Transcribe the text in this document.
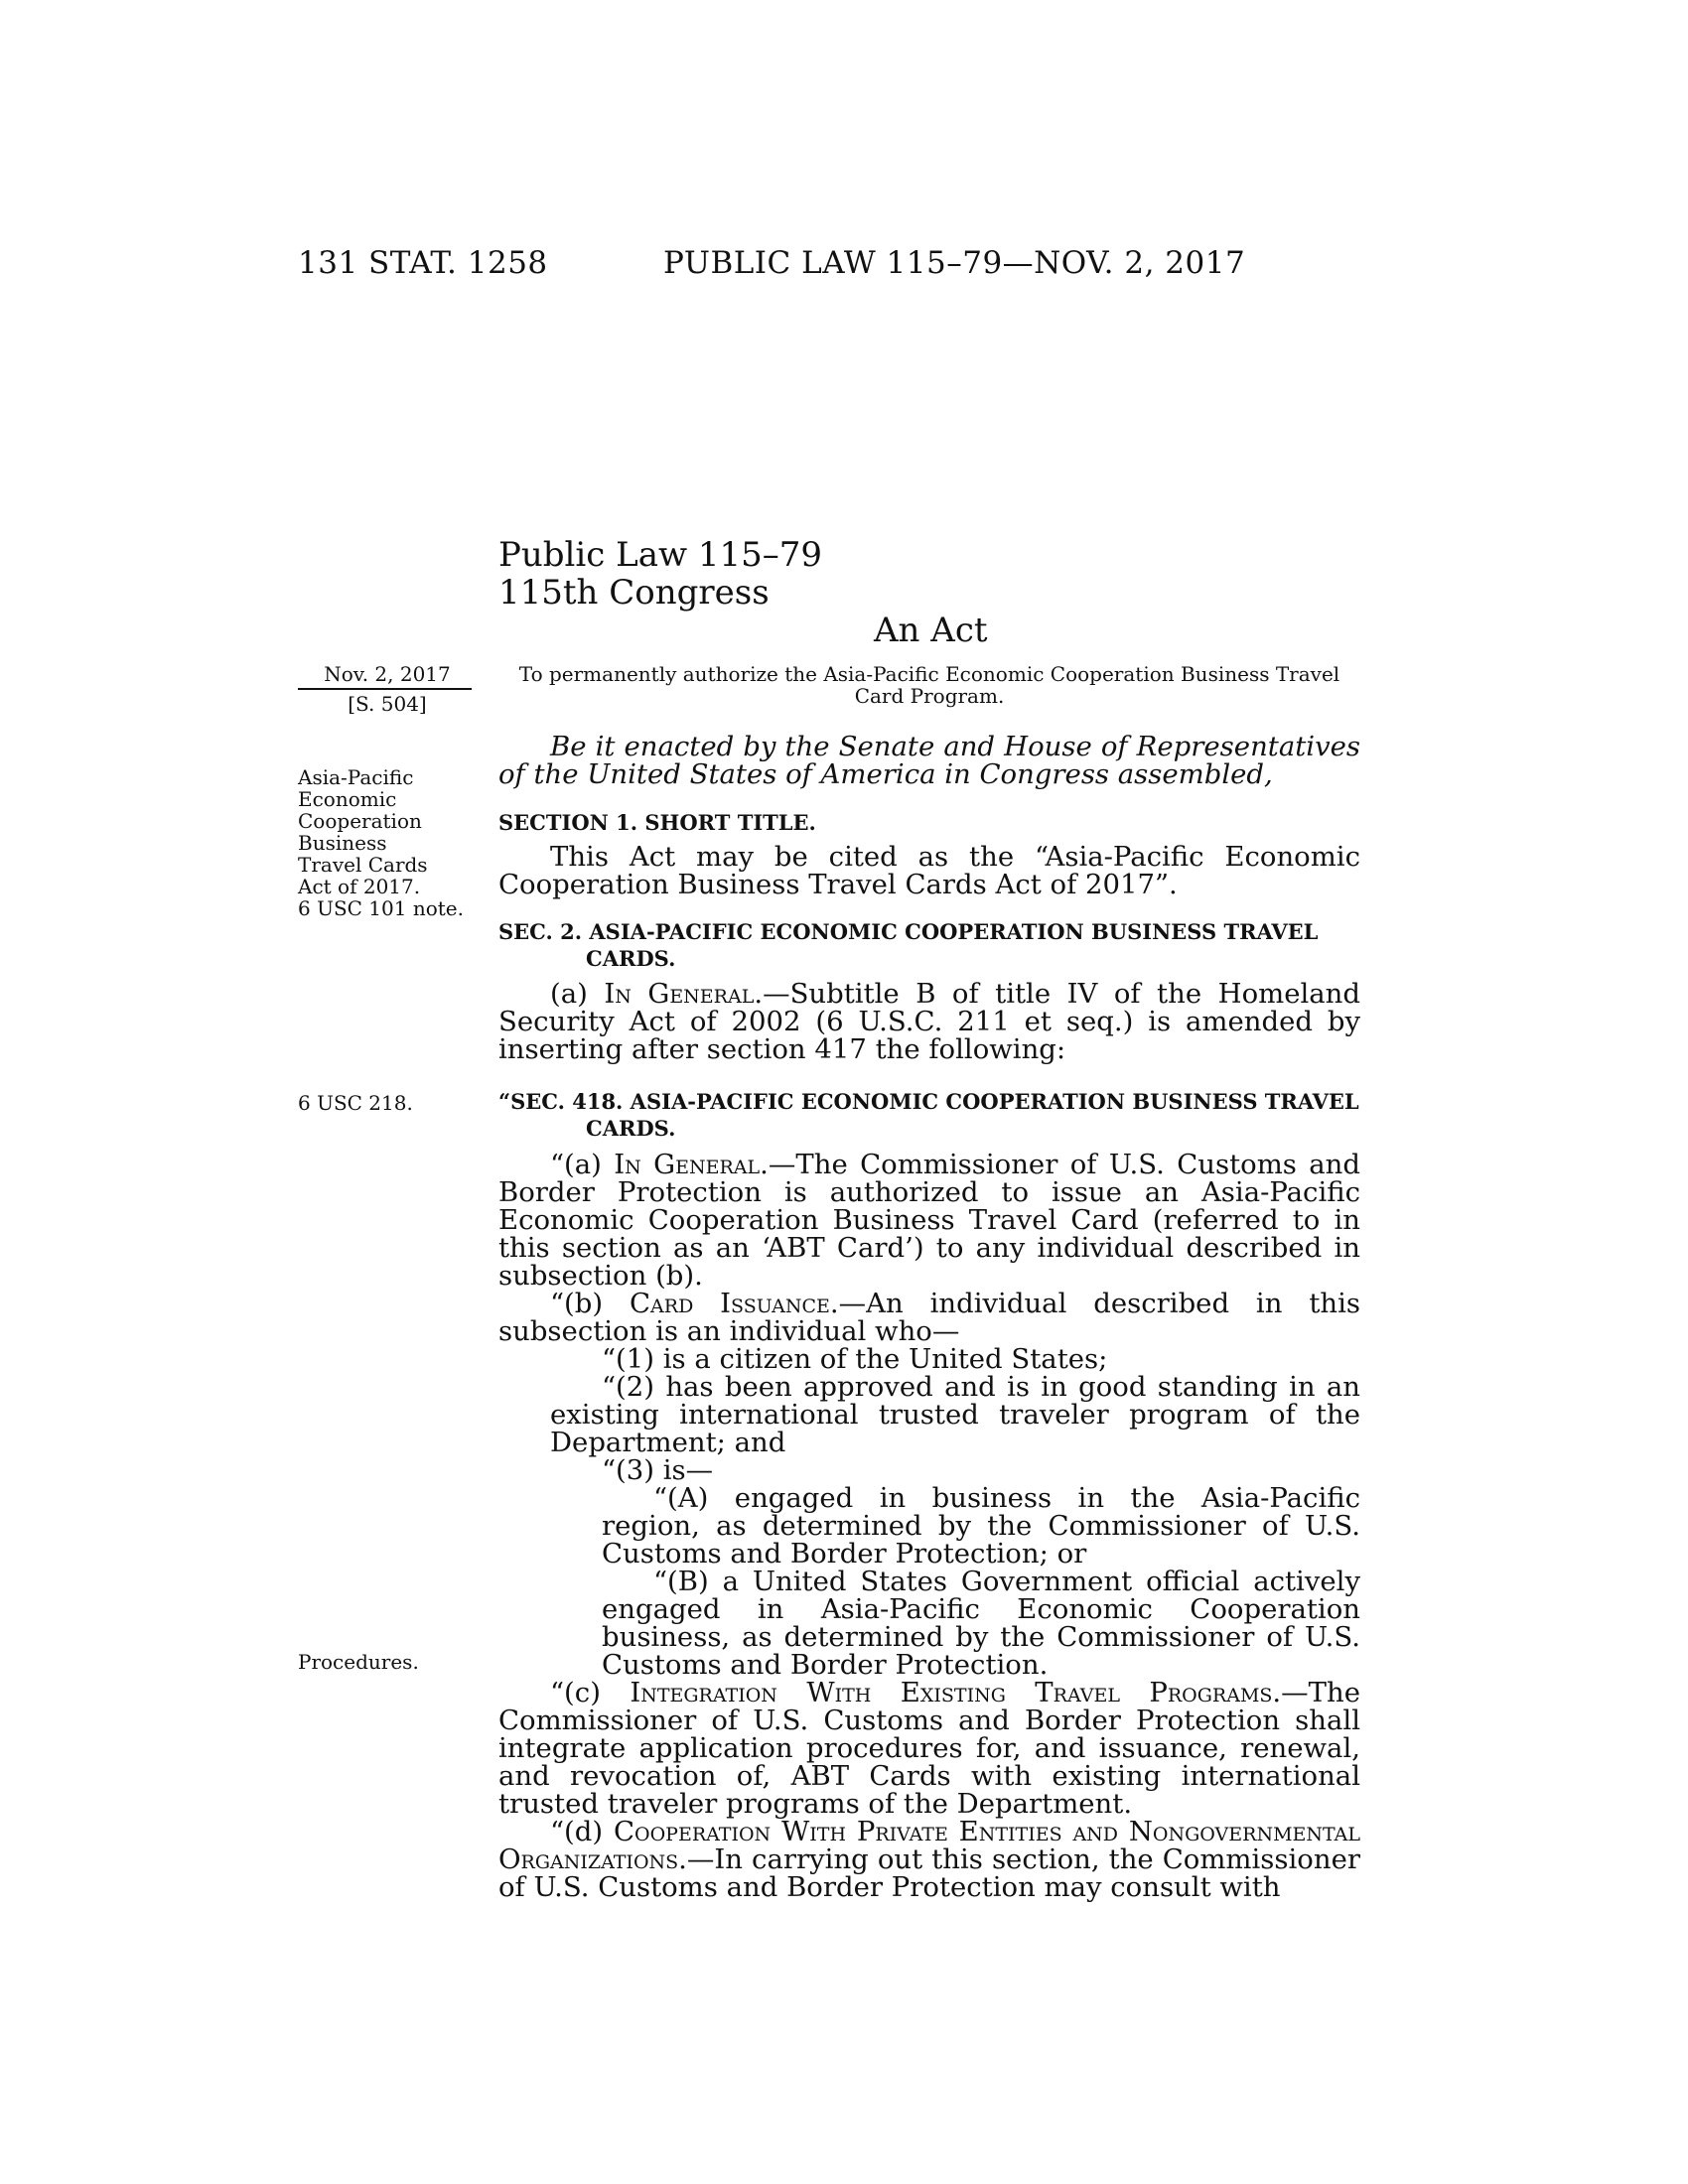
131 STAT. 1258	PUBLIC LAW 115–79—NOV. 2, 2017
Public Law 115–79
115th Congress
An Act
Nov. 2, 2017
[S. 504]
To permanently authorize the Asia-Pacific Economic Cooperation Business Travel Card Program.
Asia-Pacific
Economic
Cooperation
Business
Travel Cards
Act of 2017.
6 USC 101 note.

Be it enacted by the Senate and House of Representatives of the United States of America in Congress assembled,

SECTION 1. SHORT TITLE.

This Act may be cited as the “Asia-Pacific Economic Cooperation Business Travel Cards Act of 2017”.

SEC. 2. ASIA-PACIFIC ECONOMIC COOPERATION BUSINESS TRAVEL
CARDS.

(a) In General.—Subtitle B of title IV of the Homeland Security Act of 2002 (6 U.S.C. 211 et seq.) is amended by inserting after section 417 the following:

6 USC 218.	“SEC. 418. ASIA-PACIFIC ECONOMIC COOPERATION BUSINESS TRAVEL
CARDS.

“(a) In General.—The Commissioner of U.S. Customs and Border Protection is authorized to issue an Asia-Pacific Economic Cooperation Business Travel Card (referred to in this section as an ‘ABT Card’) to any individual described in subsection (b).

“(b) Card Issuance.—An individual described in this subsection is an individual who—

“(1) is a citizen of the United States;

“(2) has been approved and is in good standing in an existing international trusted traveler program of the Department; and

“(3) is—

“(A) engaged in business in the Asia-Pacific region, as determined by the Commissioner of U.S. Customs and Border Protection; or

“(B) a United States Government official actively engaged in Asia-Pacific Economic Cooperation business, as determined by the Commissioner of U.S. Customs and Border Protection.

“(c) Integration With Existing Travel Programs.—The Commissioner of U.S. Customs and Border Protection shall integrate application procedures for, and issuance, renewal, and revocation of, ABT Cards with existing international trusted traveler programs of the Department.

“(d) Cooperation With Private Entities and Nongovernmental Organizations.—In carrying out this section, the Commissioner of U.S. Customs and Border Protection may consult with

Procedures.
